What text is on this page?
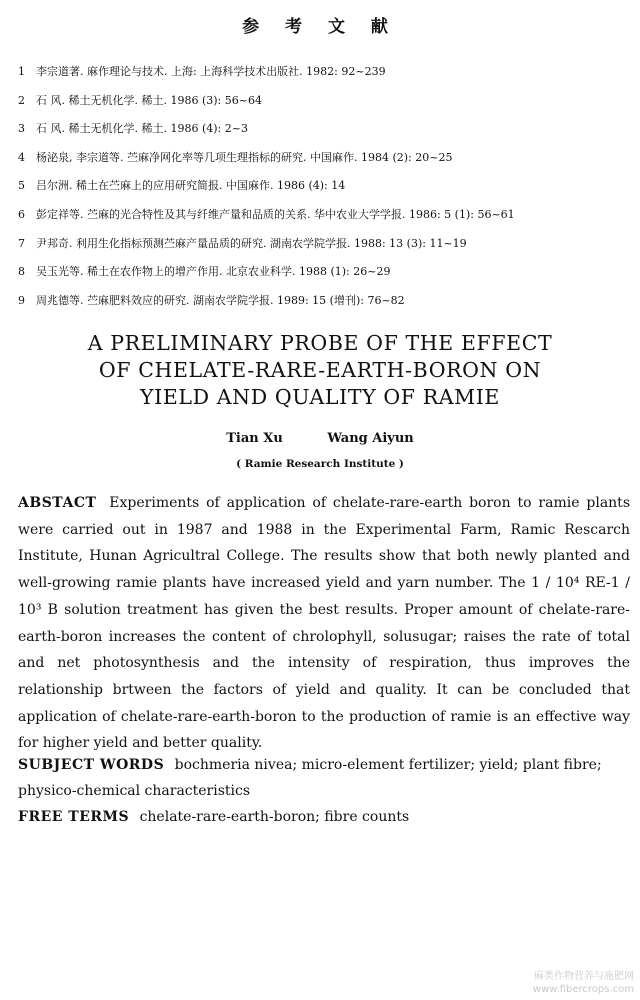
参 考 文 献
1 李宗道著. 麻作理论与技术. 上海: 上海科学技术出版社. 1982: 92~239
2 石 风. 稀土无机化学. 稀土. 1986 (3): 56~64
3 石 风. 稀土无机化学. 稀土. 1986 (4): 2~3
4 杨泌泉, 李宗道等. 苎麻净网化率等几项生理指标的研究. 中国麻作. 1984 (2): 20~25
5 吕尔洲. 稀土在苎麻上的应用研究简报. 中国麻作. 1986 (4): 14
6 彭定祥等. 苎麻的光合特性及其与纤维产量和品质的关系. 华中农业大学学报. 1986: 5 (1): 56~61
7 尹邦奇. 利用生化指标预测苎麻产量品质的研究. 湖南农学院学报. 1988: 13 (3): 11~19
8 吴玉光等. 稀土在农作物上的增产作用. 北京农业科学. 1988 (1): 26~29
9 周兆德等. 苎麻肥料效应的研究. 湖南农学院学报. 1989: 15 (增刊): 76~82
A PRELIMINARY PROBE OF THE EFFECT
OF CHELATE-RARE-EARTH-BORON ON
YIELD AND QUALITY OF RAMIE
Tian Xu	Wang Aiyun
( Ramie Research Institute )
ABSTACT Experiments of application of chelate-rare-earth boron to ramie plants were carried out in 1987 and 1988 in the Experimental Farm, Ramic Rescarch Institute, Hunan Agricultral College. The results show that both newly planted and well-growing ramie plants have increased yield and yarn number. The 1 / 10⁴ RE-1 / 10³ B solution treatment has given the best results. Proper amount of chelate-rare-earth-boron increases the content of chrolophyll, solusugar; raises the rate of total and net photosynthesis and the intensity of respiration, thus improves the relationship brtween the factors of yield and quality. It can be concluded that application of chelate-rare-earth-boron to the production of ramie is an effective way for higher yield and better quality.
SUBJECT WORDS bochmeria nivea; micro-element fertilizer; yield; plant fibre; physico-chemical characteristics
FREE TERMS chelate-rare-earth-boron; fibre counts
麻类作物营养与施肥网
www.fibercrops.com
